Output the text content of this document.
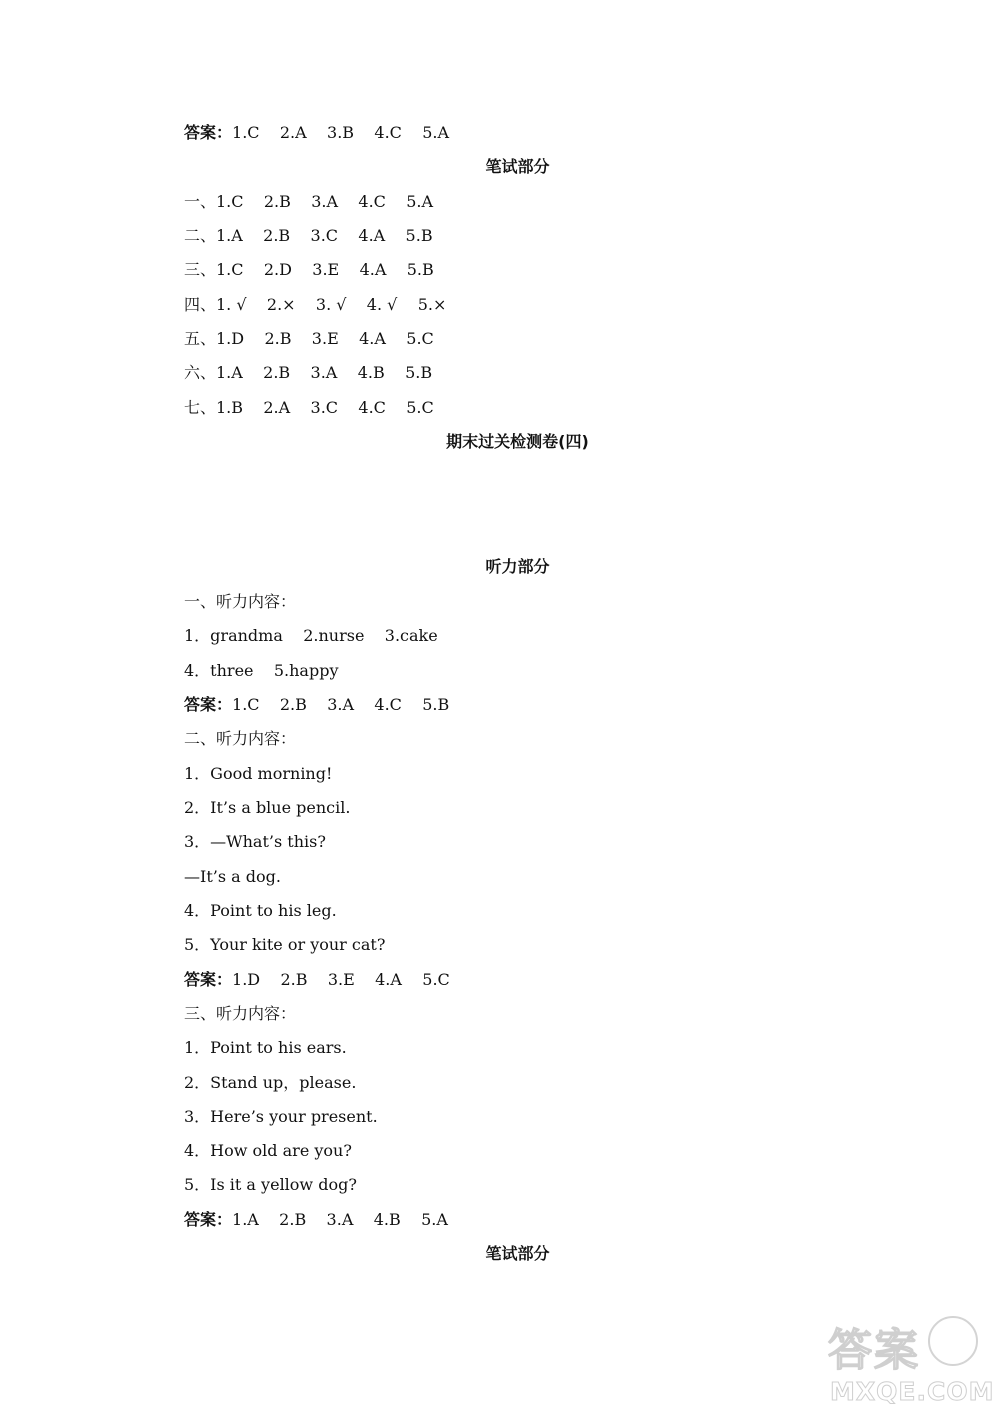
答案：1.C    2.A    3.B    4.C    5.A
笔试部分
一、1.C    2.B    3.A    4.C    5.A
二、1.A    2.B    3.C    4.A    5.B
三、1.C    2.D    3.E    4.A    5.B
四、1. √    2.×    3. √    4. √    5.×
五、1.D    2.B    3.E    4.A    5.C
六、1.A    2.B    3.A    4.B    5.B
七、1.B    2.A    3.C    4.C    5.C
期末过关检测卷(四)
听力部分
一、听力内容：
1．grandma    2.nurse    3.cake
4．three    5.happy
答案：1.C    2.B    3.A    4.C    5.B
二、听力内容：
1．Good morning!
2．It’s a blue pencil.
3．—What’s this?
—It’s a dog.
4．Point to his leg.
5．Your kite or your cat?
答案：1.D    2.B    3.E    4.A    5.C
三、听力内容：
1．Point to his ears.
2．Stand up，please.
3．Here’s your present.
4．How old are you?
5．Is it a yellow dog?
答案：1.A    2.B    3.A    4.B    5.A
笔试部分
答案
MXQE.COM
